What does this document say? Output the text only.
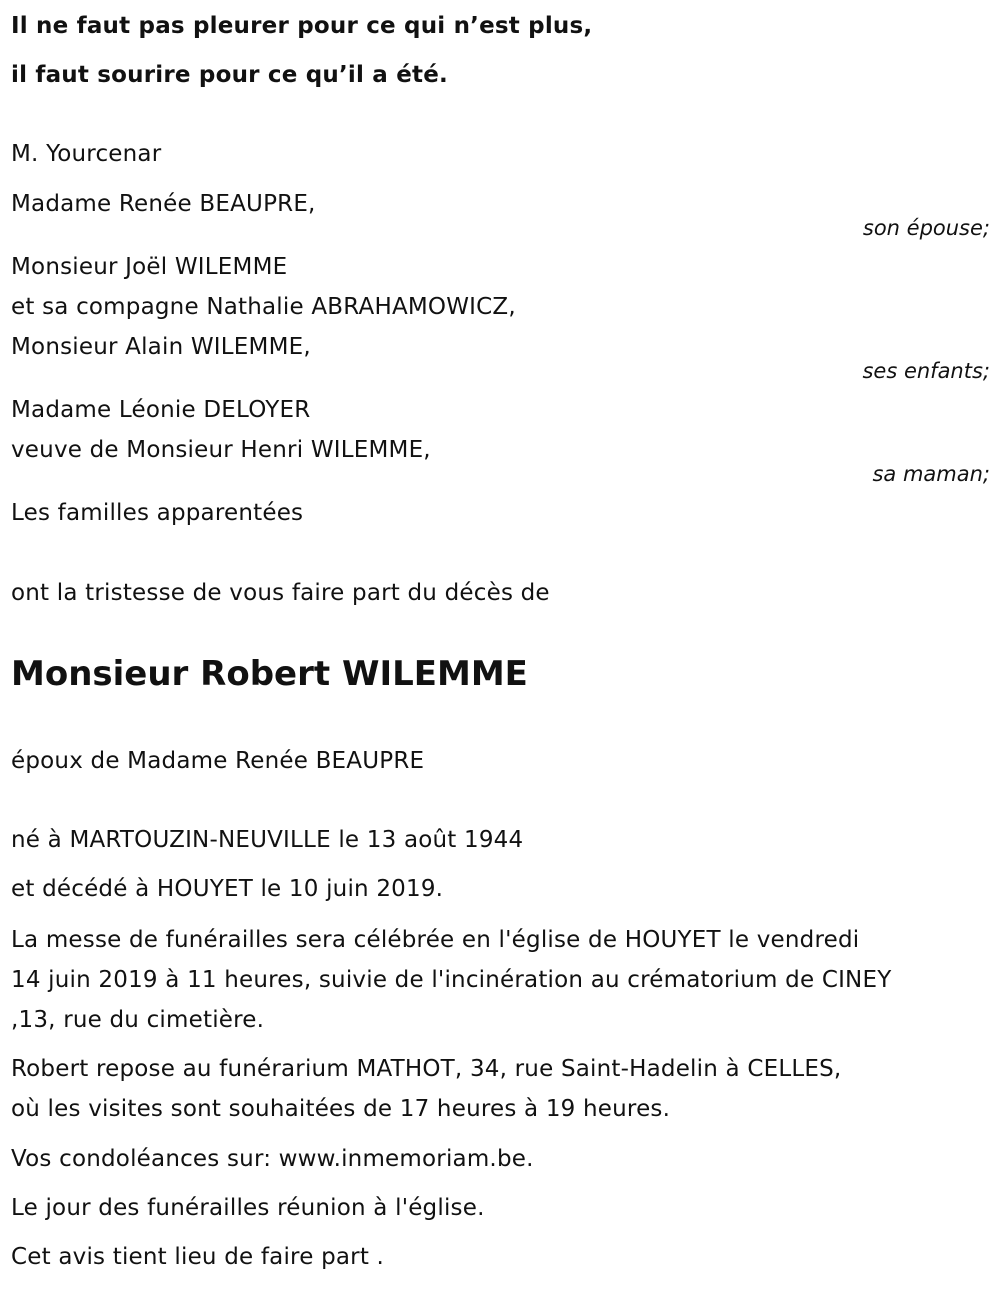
Il ne faut pas pleurer pour ce qui n’est plus,
il faut sourire pour ce qu’il a été.
M. Yourcenar
Madame Renée BEAUPRE,
son épouse;
Monsieur Joël WILEMME
et sa compagne Nathalie ABRAHAMOWICZ,
Monsieur Alain WILEMME,
ses enfants;
Madame Léonie DELOYER
veuve de Monsieur Henri WILEMME,
sa maman;
Les familles apparentées
ont la tristesse de vous faire part du décès de
Monsieur Robert WILEMME
époux de Madame Renée BEAUPRE
né à MARTOUZIN-NEUVILLE le 13 août 1944
et décédé à HOUYET le 10 juin 2019.
La messe de funérailles sera célébrée en l'église de HOUYET le vendredi
14 juin 2019 à 11 heures, suivie de l'incinération au crématorium de CINEY
,13, rue du cimetière.
Robert repose au funérarium MATHOT, 34, rue Saint-Hadelin à CELLES,
où les visites sont souhaitées de 17 heures à 19 heures.
Vos condoléances sur: www.inmemoriam.be.
Le jour des funérailles réunion à l'église.
Cet avis tient lieu de faire part .
